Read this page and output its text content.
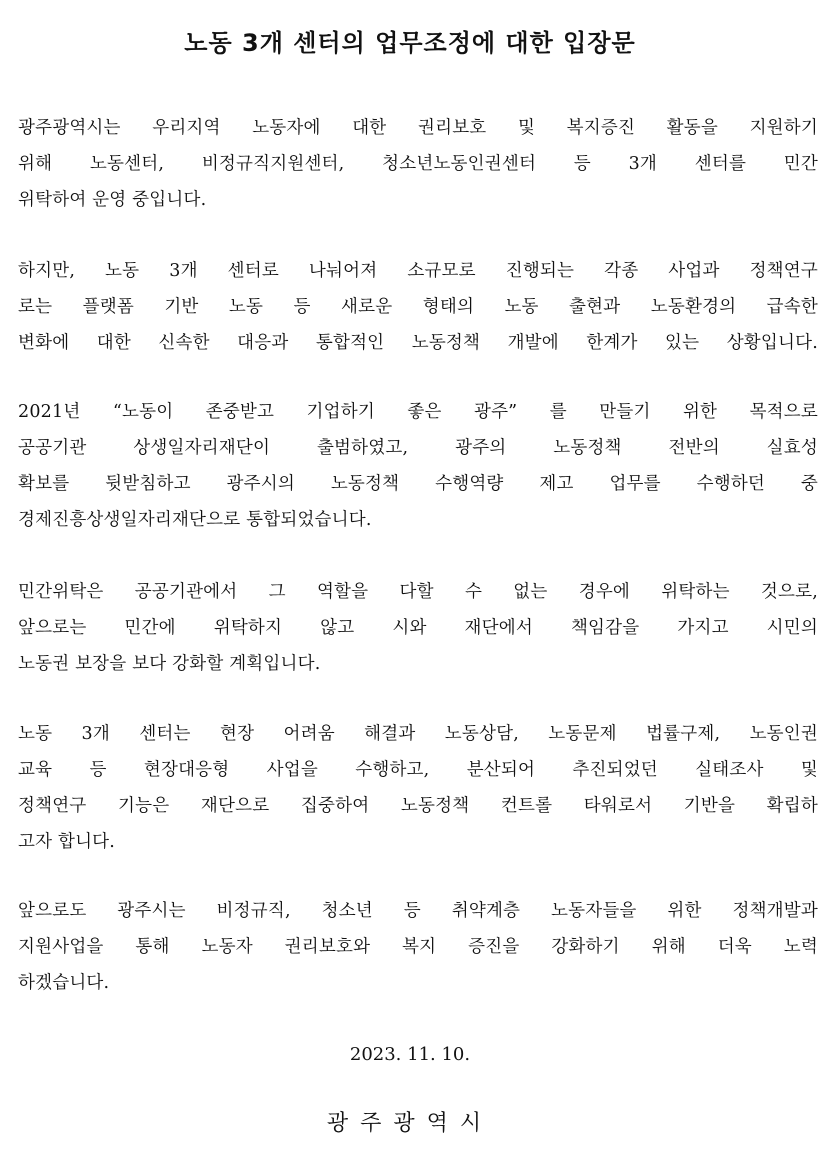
노동 3개 센터의 업무조정에 대한 입장문
광주광역시는 우리지역 노동자에 대한 권리보호 및 복지증진 활동을 지원하기
위해 노동센터, 비정규직지원센터, 청소년노동인권센터 등 3개 센터를 민간
위탁하여 운영 중입니다.
하지만, 노동 3개 센터로 나눠어져 소규모로 진행되는 각종 사업과 정책연구
로는 플랫폼 기반 노동 등 새로운 형태의 노동 출현과 노동환경의 급속한
변화에 대한 신속한 대응과 통합적인 노동정책 개발에 한계가 있는 상황입니다.
2021년 “노동이 존중받고 기업하기 좋은 광주” 를 만들기 위한 목적으로
공공기관 상생일자리재단이 출범하였고, 광주의 노동정책 전반의 실효성
확보를 뒷받침하고 광주시의 노동정책 수행역량 제고 업무를 수행하던 중
경제진흥상생일자리재단으로 통합되었습니다.
민간위탁은 공공기관에서 그 역할을 다할 수 없는 경우에 위탁하는 것으로,
앞으로는 민간에 위탁하지 않고 시와 재단에서 책임감을 가지고 시민의
노동권 보장을 보다 강화할 계획입니다.
노동 3개 센터는 현장 어려움 해결과 노동상담, 노동문제 법률구제, 노동인권
교육 등 현장대응형 사업을 수행하고, 분산되어 추진되었던 실태조사 및
정책연구 기능은 재단으로 집중하여 노동정책 컨트롤 타워로서 기반을 확립하
고자 합니다.
앞으로도 광주시는 비정규직, 청소년 등 취약계층 노동자들을 위한 정책개발과
지원사업을 통해 노동자 권리보호와 복지 증진을 강화하기 위해 더욱 노력
하겠습니다.

2023. 11. 10.

광주광역시
